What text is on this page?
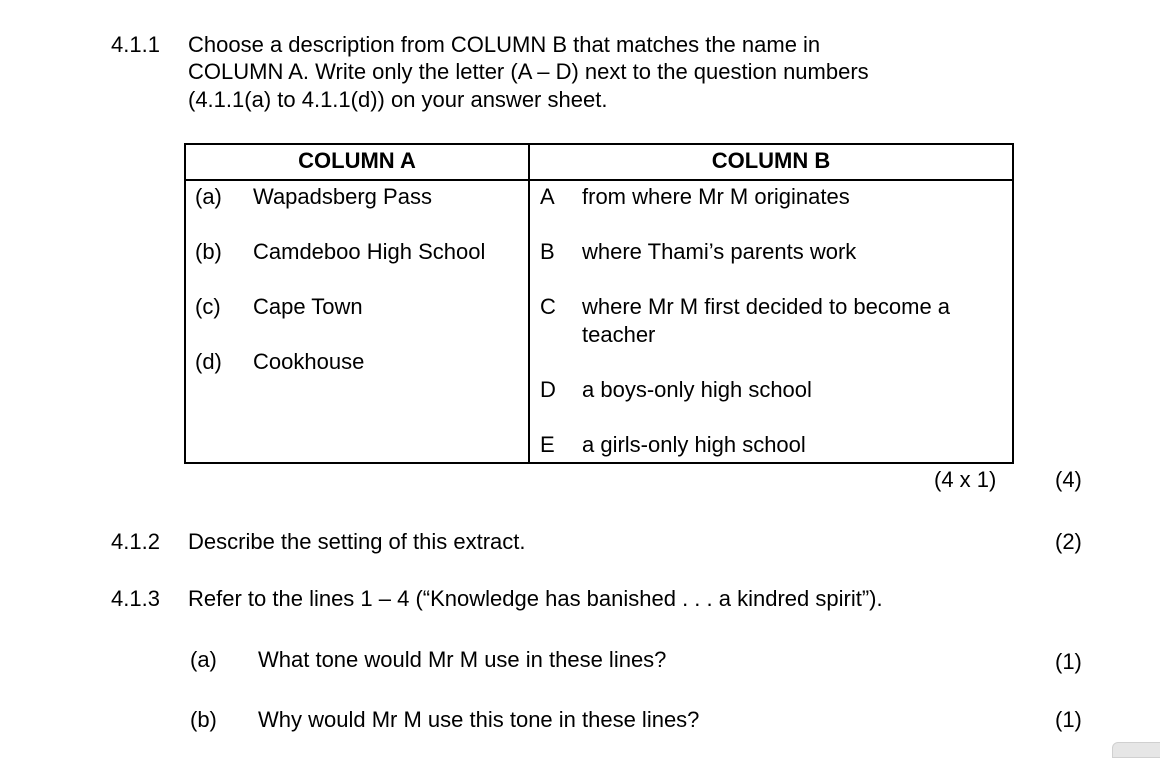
4.1.1 Choose a description from COLUMN B that matches the name in
COLUMN A. Write only the letter (A – D) next to the question numbers
(4.1.1(a) to 4.1.1(d)) on your answer sheet.
COLUMN A	COLUMN B
(a) Wapadsberg Pass
(b) Camdeboo High School
(c) Cape Town
(d) Cookhouse
A from where Mr M originates
B where Thami’s parents work
C where Mr M first decided to become a
teacher
D a boys-only high school
E a girls-only high school
(4 x 1)	(4)
4.1.2 Describe the setting of this extract.	(2)
4.1.3 Refer to the lines 1 – 4 (“Knowledge has banished . . . a kindred spirit”).
(a) What tone would Mr M use in these lines?	(1)
(b) Why would Mr M use this tone in these lines?	(1)
